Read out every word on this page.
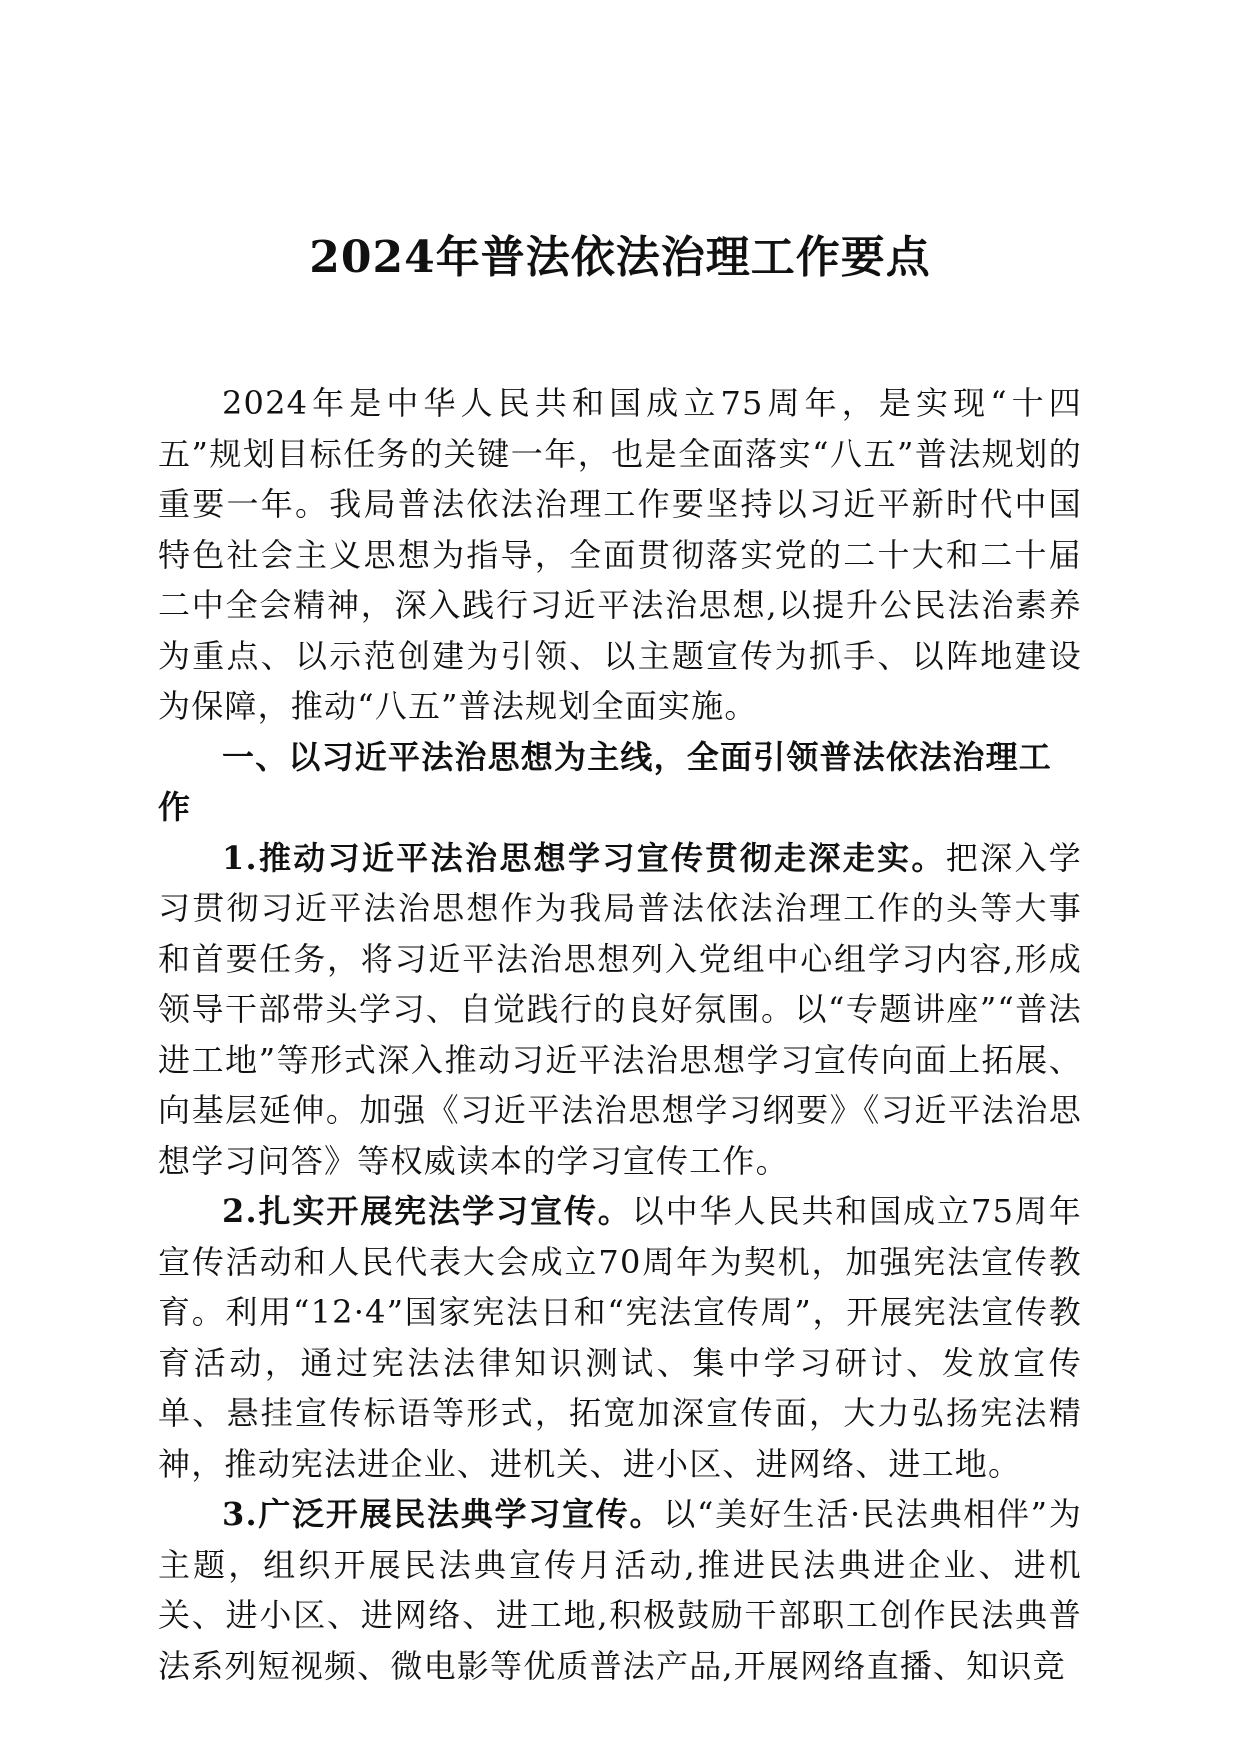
2024年普法依法治理工作要点

2024年是中华人民共和国成立75周年，是实现“十四五”规划目标任务的关键一年，也是全面落实“八五”普法规划的重要一年。我局普法依法治理工作要坚持以习近平新时代中国特色社会主义思想为指导，全面贯彻落实党的二十大和二十届二中全会精神，深入践行习近平法治思想,以提升公民法治素养为重点、以示范创建为引领、以主题宣传为抓手、以阵地建设为保障，推动“八五”普法规划全面实施。

一、以习近平法治思想为主线，全面引领普法依法治理工作

1.推动习近平法治思想学习宣传贯彻走深走实。把深入学习贯彻习近平法治思想作为我局普法依法治理工作的头等大事和首要任务，将习近平法治思想列入党组中心组学习内容,形成领导干部带头学习、自觉践行的良好氛围。以“专题讲座”“普法进工地”等形式深入推动习近平法治思想学习宣传向面上拓展、向基层延伸。加强《习近平法治思想学习纲要》《习近平法治思想学习问答》等权威读本的学习宣传工作。

2.扎实开展宪法学习宣传。以中华人民共和国成立75周年宣传活动和人民代表大会成立70周年为契机，加强宪法宣传教育。利用“12·4”国家宪法日和“宪法宣传周”，开展宪法宣传教育活动，通过宪法法律知识测试、集中学习研讨、发放宣传单、悬挂宣传标语等形式，拓宽加深宣传面，大力弘扬宪法精神，推动宪法进企业、进机关、进小区、进网络、进工地。

3.广泛开展民法典学习宣传。以“美好生活·民法典相伴”为主题，组织开展民法典宣传月活动,推进民法典进企业、进机关、进小区、进网络、进工地,积极鼓励干部职工创作民法典普法系列短视频、微电影等优质普法产品,开展网络直播、知识竞
